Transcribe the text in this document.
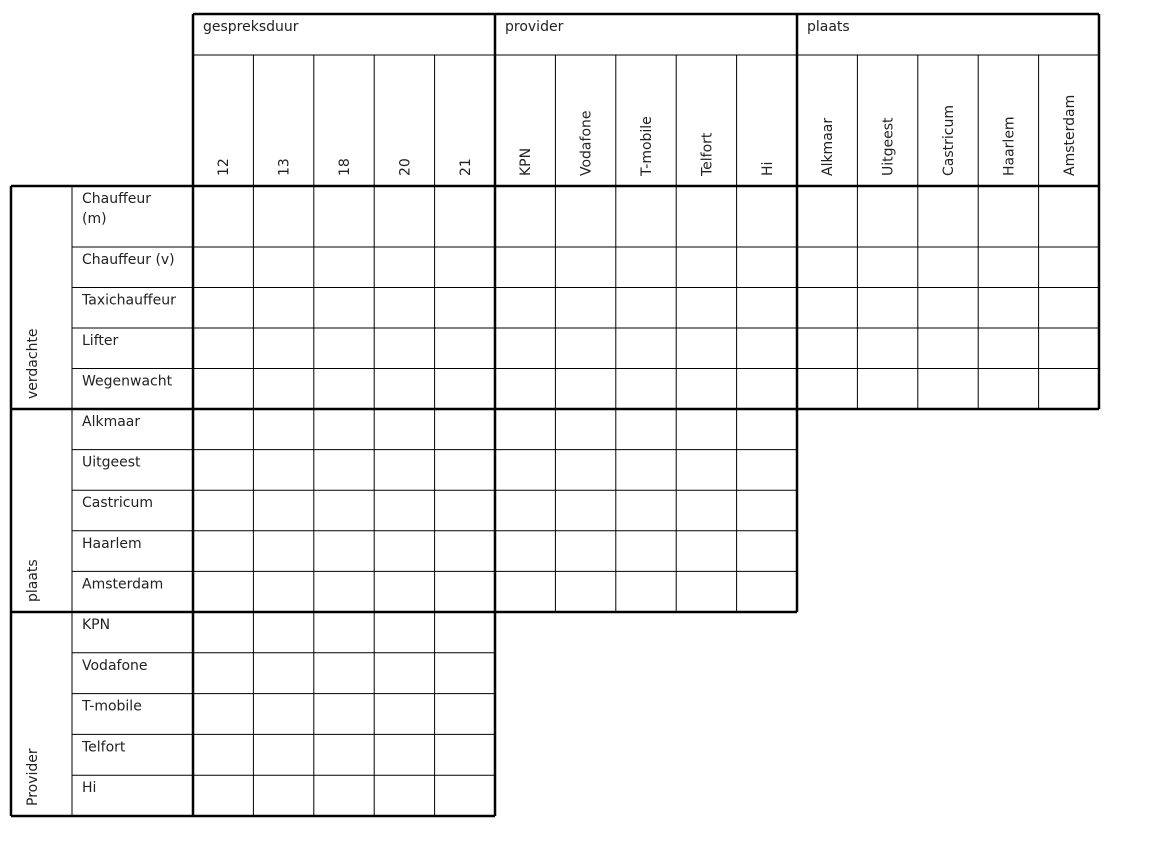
gespreksduur
12	13	18	20	21
provider
KPN	Vodafone	T-mobile	Telfort	Hi
plaats
Alkmaar	Uitgeest	Castricum	Haarlem	Amsterdam
verdachte
Chauffeur (m)
Chauffeur (v)
Taxichauffeur
Lifter
Wegenwacht
plaats
Alkmaar
Uitgeest
Castricum
Haarlem
Amsterdam
Provider
KPN
Vodafone
T-mobile
Telfort
Hi
